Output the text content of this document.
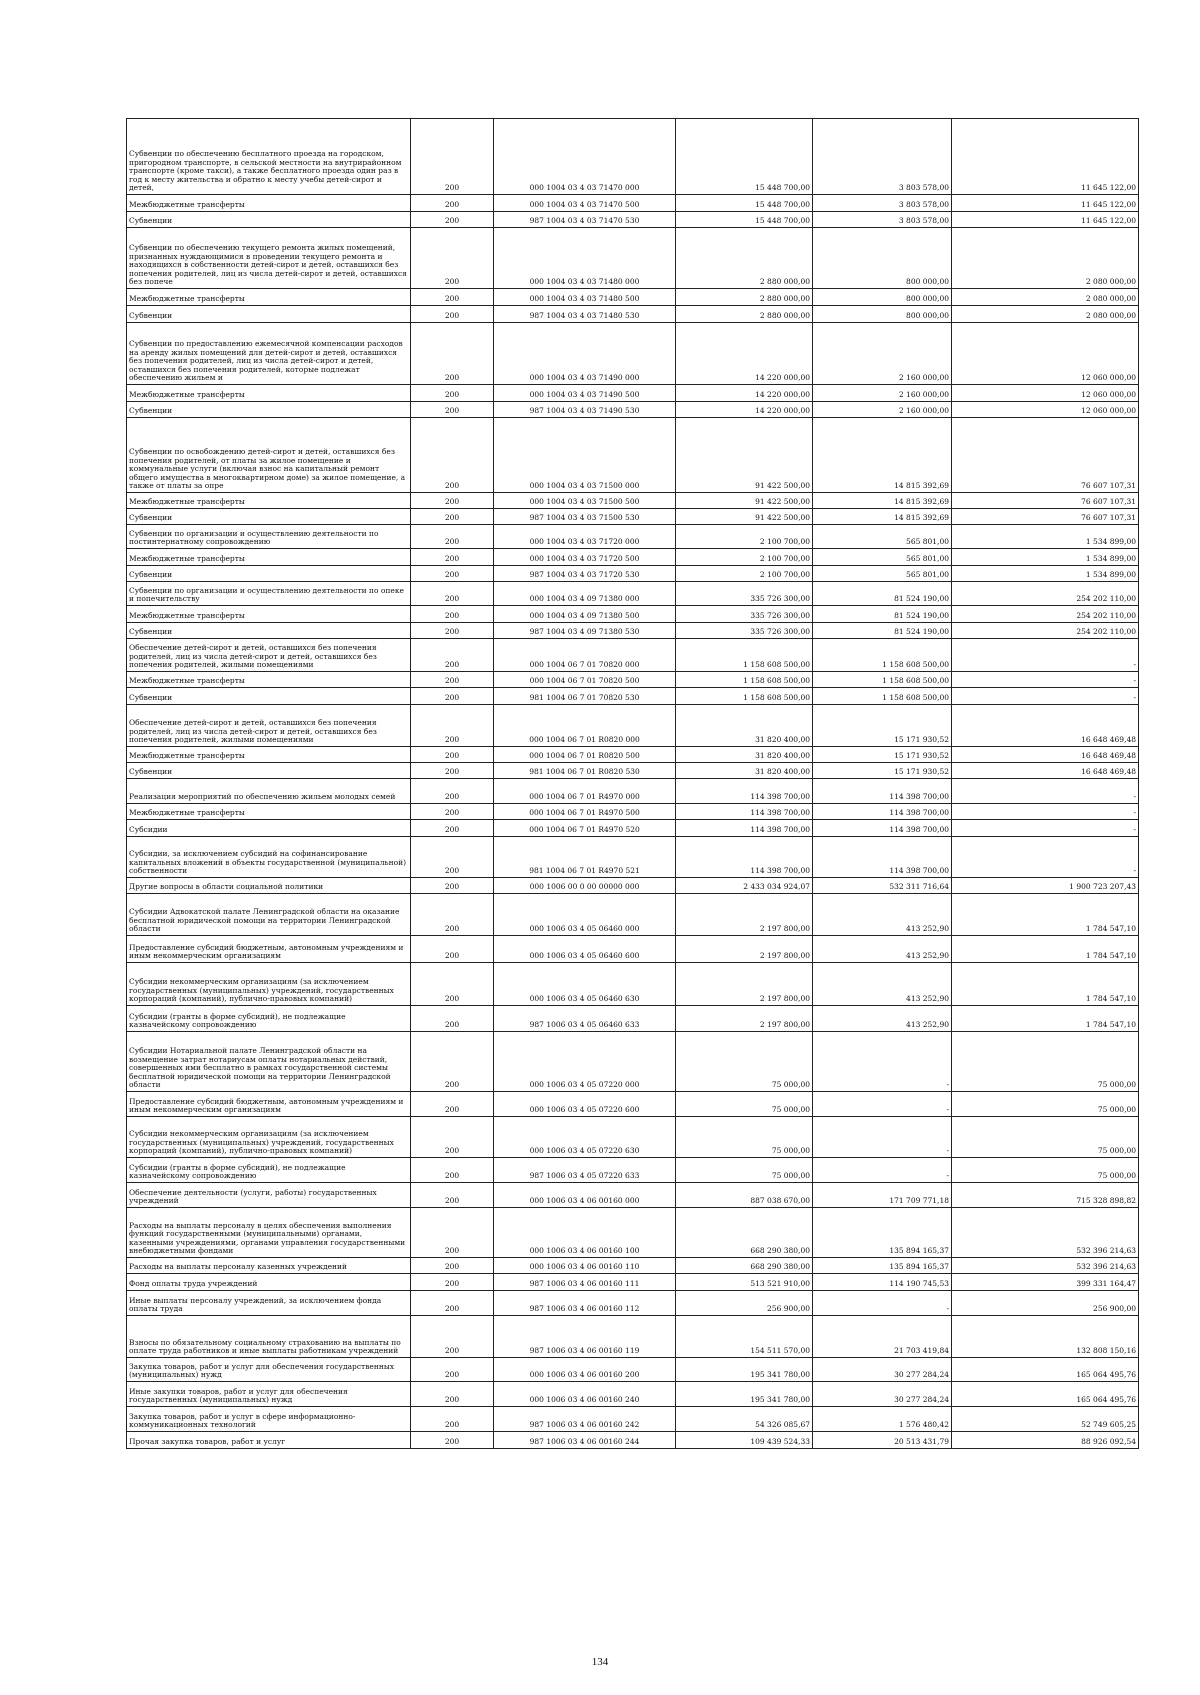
Субвенции по обеспечению бесплатного проезда на городском, пригородном транспорте, в сельской местности на внутрирайонном транспорте (кроме такси), а также бесплатного проезда один раз в год к месту жительства и обратно к месту учебы детей-сирот и детей,	200	000 1004 03 4 03 71470 000	15 448 700,00	3 803 578,00	11 645 122,00
Межбюджетные трансферты	200	000 1004 03 4 03 71470 500	15 448 700,00	3 803 578,00	11 645 122,00
Субвенции	200	987 1004 03 4 03 71470 530	15 448 700,00	3 803 578,00	11 645 122,00
Субвенции по обеспечению текущего ремонта жилых помещений, признанных нуждающимися в проведении текущего ремонта и находящихся в собственности детей-сирот и детей, оставшихся без попечения родителей, лиц из числа детей-сирот и детей, оставшихся без попече	200	000 1004 03 4 03 71480 000	2 880 000,00	800 000,00	2 080 000,00
Межбюджетные трансферты	200	000 1004 03 4 03 71480 500	2 880 000,00	800 000,00	2 080 000,00
Субвенции	200	987 1004 03 4 03 71480 530	2 880 000,00	800 000,00	2 080 000,00
Субвенции по предоставлению ежемесячной компенсации расходов на аренду жилых помещений для детей-сирот и детей, оставшихся без попечения родителей, лиц из числа детей-сирот и детей, оставшихся без попечения родителей, которые подлежат обеспечению жильем и	200	000 1004 03 4 03 71490 000	14 220 000,00	2 160 000,00	12 060 000,00
Межбюджетные трансферты	200	000 1004 03 4 03 71490 500	14 220 000,00	2 160 000,00	12 060 000,00
Субвенции	200	987 1004 03 4 03 71490 530	14 220 000,00	2 160 000,00	12 060 000,00
Субвенции по освобождению детей-сирот и детей, оставшихся без попечения родителей, от платы за жилое помещение и коммунальные услуги (включая взнос на капитальный ремонт общего имущества в многоквартирном доме) за жилое помещение, а также от платы за опре	200	000 1004 03 4 03 71500 000	91 422 500,00	14 815 392,69	76 607 107,31
Межбюджетные трансферты	200	000 1004 03 4 03 71500 500	91 422 500,00	14 815 392,69	76 607 107,31
Субвенции	200	987 1004 03 4 03 71500 530	91 422 500,00	14 815 392,69	76 607 107,31
Субвенции по организации и осуществлению деятельности по постинтернатному сопровождению	200	000 1004 03 4 03 71720 000	2 100 700,00	565 801,00	1 534 899,00
Межбюджетные трансферты	200	000 1004 03 4 03 71720 500	2 100 700,00	565 801,00	1 534 899,00
Субвенции	200	987 1004 03 4 03 71720 530	2 100 700,00	565 801,00	1 534 899,00
Субвенции по организации и осуществлению деятельности по опеке и попечительству	200	000 1004 03 4 09 71380 000	335 726 300,00	81 524 190,00	254 202 110,00
Межбюджетные трансферты	200	000 1004 03 4 09 71380 500	335 726 300,00	81 524 190,00	254 202 110,00
Субвенции	200	987 1004 03 4 09 71380 530	335 726 300,00	81 524 190,00	254 202 110,00
Обеспечение детей-сирот и детей, оставшихся без попечения родителей, лиц из числа детей-сирот и детей, оставшихся без попечения родителей, жилыми помещениями	200	000 1004 06 7 01 70820 000	1 158 608 500,00	1 158 608 500,00	-
Межбюджетные трансферты	200	000 1004 06 7 01 70820 500	1 158 608 500,00	1 158 608 500,00	-
Субвенции	200	981 1004 06 7 01 70820 530	1 158 608 500,00	1 158 608 500,00	-
Обеспечение детей-сирот и детей, оставшихся без попечения родителей, лиц из числа детей-сирот и детей, оставшихся без попечения родителей, жилыми помещениями	200	000 1004 06 7 01 R0820 000	31 820 400,00	15 171 930,52	16 648 469,48
Межбюджетные трансферты	200	000 1004 06 7 01 R0820 500	31 820 400,00	15 171 930,52	16 648 469,48
Субвенции	200	981 1004 06 7 01 R0820 530	31 820 400,00	15 171 930,52	16 648 469,48
Реализация мероприятий по обеспечению жильем молодых семей	200	000 1004 06 7 01 R4970 000	114 398 700,00	114 398 700,00	-
Межбюджетные трансферты	200	000 1004 06 7 01 R4970 500	114 398 700,00	114 398 700,00	-
Субсидии	200	000 1004 06 7 01 R4970 520	114 398 700,00	114 398 700,00	-
Субсидии, за исключением субсидий на софинансирование капитальных вложений в объекты государственной (муниципальной) собственности	200	981 1004 06 7 01 R4970 521	114 398 700,00	114 398 700,00	-
Другие вопросы в области социальной политики	200	000 1006 00 0 00 00000 000	2 433 034 924,07	532 311 716,64	1 900 723 207,43
Субсидии Адвокатской палате Ленинградской области на оказание бесплатной юридической помощи на территории Ленинградской области	200	000 1006 03 4 05 06460 000	2 197 800,00	413 252,90	1 784 547,10
Предоставление субсидий бюджетным, автономным учреждениям и иным некоммерческим организациям	200	000 1006 03 4 05 06460 600	2 197 800,00	413 252,90	1 784 547,10
Субсидии некоммерческим организациям (за исключением государственных (муниципальных) учреждений, государственных корпораций (компаний), публично-правовых компаний)	200	000 1006 03 4 05 06460 630	2 197 800,00	413 252,90	1 784 547,10
Субсидии (гранты в форме субсидий), не подлежащие казначейскому сопровождению	200	987 1006 03 4 05 06460 633	2 197 800,00	413 252,90	1 784 547,10
Субсидии Нотариальной палате Ленинградской области на возмещение затрат нотариусам оплаты нотариальных действий, совершенных ими бесплатно в рамках государственной системы бесплатной юридической помощи на территории Ленинградской области	200	000 1006 03 4 05 07220 000	75 000,00	-	75 000,00
Предоставление субсидий бюджетным, автономным учреждениям и иным некоммерческим организациям	200	000 1006 03 4 05 07220 600	75 000,00	-	75 000,00
Субсидии некоммерческим организациям (за исключением государственных (муниципальных) учреждений, государственных корпораций (компаний), публично-правовых компаний)	200	000 1006 03 4 05 07220 630	75 000,00	-	75 000,00
Субсидии (гранты в форме субсидий), не подлежащие казначейскому сопровождению	200	987 1006 03 4 05 07220 633	75 000,00	-	75 000,00
Обеспечение деятельности (услуги, работы) государственных учреждений	200	000 1006 03 4 06 00160 000	887 038 670,00	171 709 771,18	715 328 898,82
Расходы на выплаты персоналу в целях обеспечения выполнения функций государственными (муниципальными) органами, казенными учреждениями, органами управления государственными внебюджетными фондами	200	000 1006 03 4 06 00160 100	668 290 380,00	135 894 165,37	532 396 214,63
Расходы на выплаты персоналу казенных учреждений	200	000 1006 03 4 06 00160 110	668 290 380,00	135 894 165,37	532 396 214,63
Фонд оплаты труда учреждений	200	987 1006 03 4 06 00160 111	513 521 910,00	114 190 745,53	399 331 164,47
Иные выплаты персоналу учреждений, за исключением фонда оплаты труда	200	987 1006 03 4 06 00160 112	256 900,00	-	256 900,00
Взносы по обязательному социальному страхованию на выплаты по оплате труда работников и иные выплаты работникам учреждений	200	987 1006 03 4 06 00160 119	154 511 570,00	21 703 419,84	132 808 150,16
Закупка товаров, работ и услуг для обеспечения государственных (муниципальных) нужд	200	000 1006 03 4 06 00160 200	195 341 780,00	30 277 284,24	165 064 495,76
Иные закупки товаров, работ и услуг для обеспечения государственных (муниципальных) нужд	200	000 1006 03 4 06 00160 240	195 341 780,00	30 277 284,24	165 064 495,76
Закупка товаров, работ и услуг в сфере информационно-коммуникационных технологий	200	987 1006 03 4 06 00160 242	54 326 085,67	1 576 480,42	52 749 605,25
Прочая закупка товаров, работ и услуг	200	987 1006 03 4 06 00160 244	109 439 524,33	20 513 431,79	88 926 092,54
134
